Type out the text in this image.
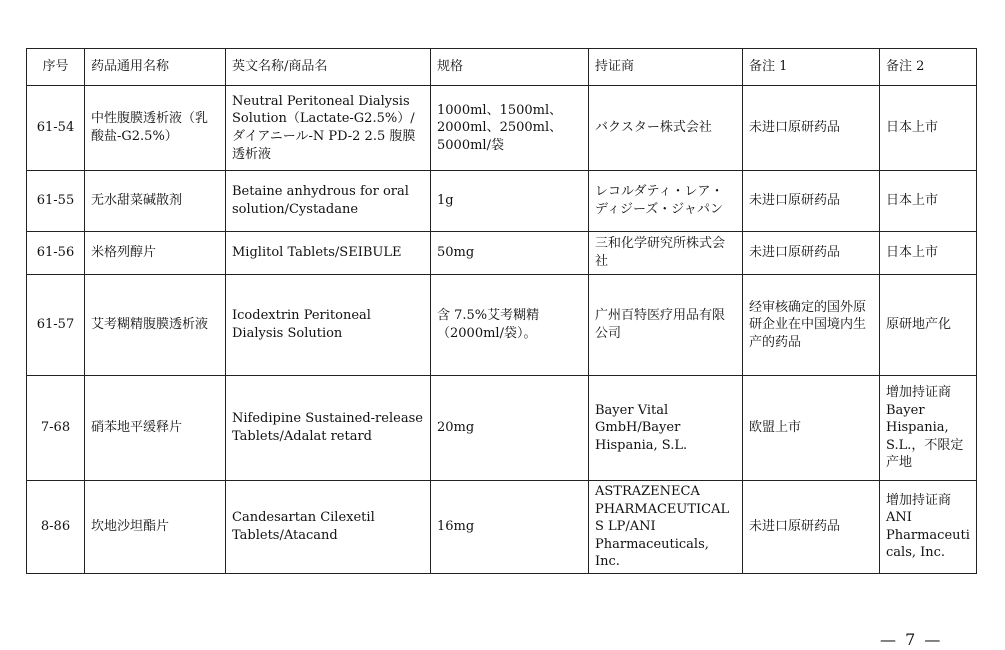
序号	药品通用名称	英文名称/商品名	规格	持证商	备注 1	备注 2
61-54	中性腹膜透析液（乳酸盐-G2.5%）	Neutral Peritoneal Dialysis Solution（Lactate-G2.5%）/ダイアニール-N PD-2 2.5 腹膜透析液	1000ml、1500ml、2000ml、2500ml、5000ml/袋	バクスター株式会社	未进口原研药品	日本上市
61-55	无水甜菜碱散剂	Betaine anhydrous for oral solution/Cystadane	1g	レコルダティ・レア・ディジーズ・ジャパン	未进口原研药品	日本上市
61-56	米格列醇片	Miglitol Tablets/SEIBULE	50mg	三和化学研究所株式会社	未进口原研药品	日本上市
61-57	艾考糊精腹膜透析液	Icodextrin Peritoneal Dialysis Solution	含 7.5%艾考糊精（2000ml/袋）。	广州百特医疗用品有限公司	经审核确定的国外原研企业在中国境内生产的药品	原研地产化
7-68	硝苯地平缓释片	Nifedipine Sustained-release Tablets/Adalat retard	20mg	Bayer Vital GmbH/Bayer Hispania, S.L.	欧盟上市	增加持证商 Bayer Hispania, S.L.，不限定产地
8-86	坎地沙坦酯片	Candesartan Cilexetil Tablets/Atacand	16mg	ASTRAZENECA PHARMACEUTICALS LP/ANI Pharmaceuticals, Inc.	未进口原研药品	增加持证商 ANI Pharmaceuticals, Inc.
— 7 —
